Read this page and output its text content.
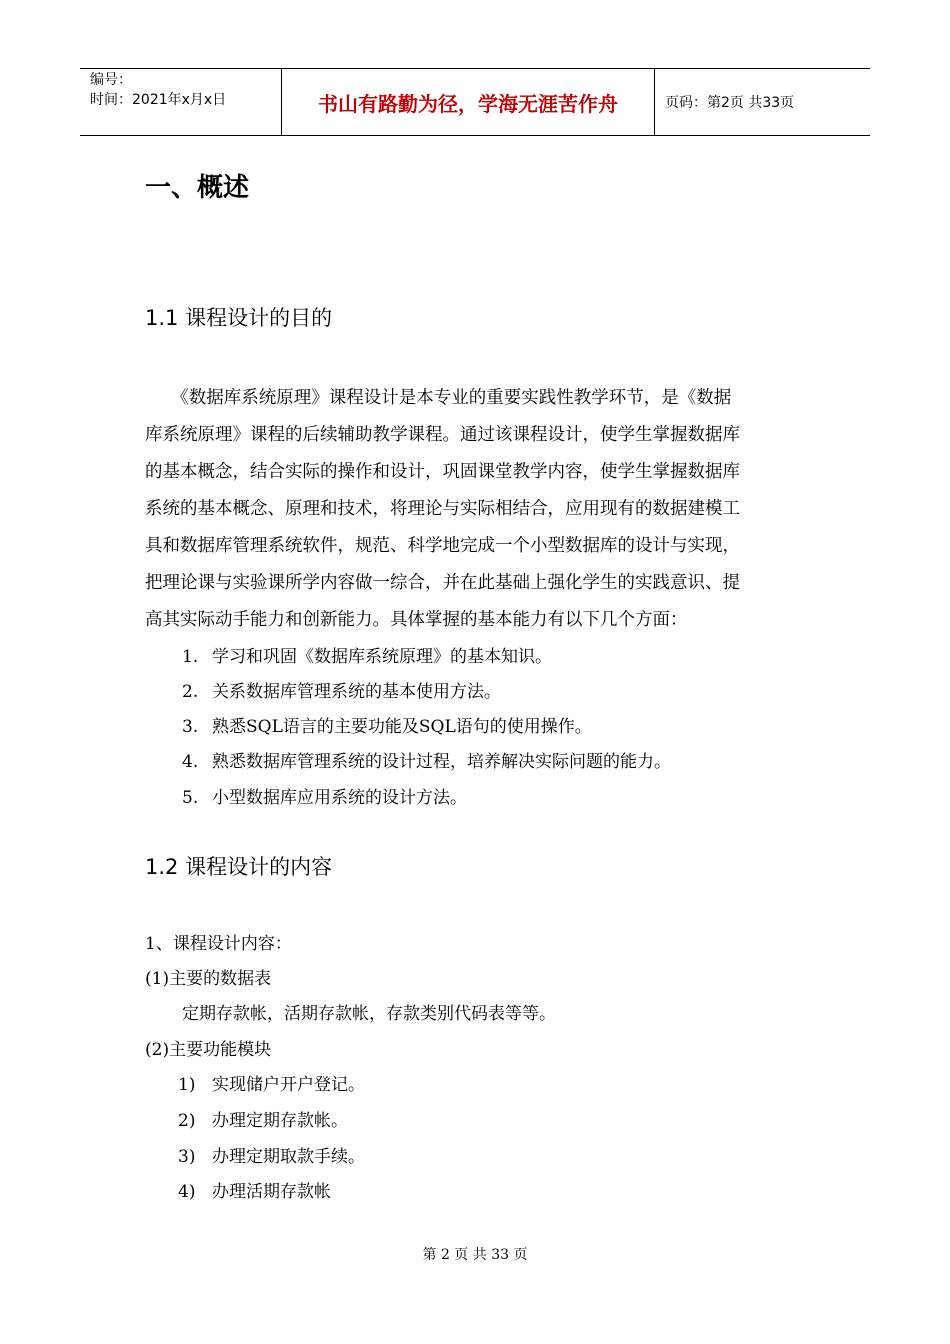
编号：
时间：2021年x月x日	书山有路勤为径，学海无涯苦作舟	页码：第2页 共33页
一、概述
1.1 课程设计的目的
　　《数据库系统原理》课程设计是本专业的重要实践性教学环节，是《数据
库系统原理》课程的后续辅助教学课程。通过该课程设计，使学生掌握数据库
的基本概念，结合实际的操作和设计，巩固课堂教学内容，使学生掌握数据库
系统的基本概念、原理和技术，将理论与实际相结合，应用现有的数据建模工
具和数据库管理系统软件，规范、科学地完成一个小型数据库的设计与实现，
把理论课与实验课所学内容做一综合，并在此基础上强化学生的实践意识、提
高其实际动手能力和创新能力。具体掌握的基本能力有以下几个方面：
1. 学习和巩固《数据库系统原理》的基本知识。
2. 关系数据库管理系统的基本使用方法。
3. 熟悉SQL语言的主要功能及SQL语句的使用操作。
4. 熟悉数据库管理系统的设计过程，培养解决实际问题的能力。
5. 小型数据库应用系统的设计方法。
1.2 课程设计的内容
1、课程设计内容：
(1)主要的数据表
定期存款帐，活期存款帐，存款类别代码表等等。
(2)主要功能模块
1) 实现储户开户登记。
2) 办理定期存款帐。
3) 办理定期取款手续。
4) 办理活期存款帐
第 2 页 共 33 页
